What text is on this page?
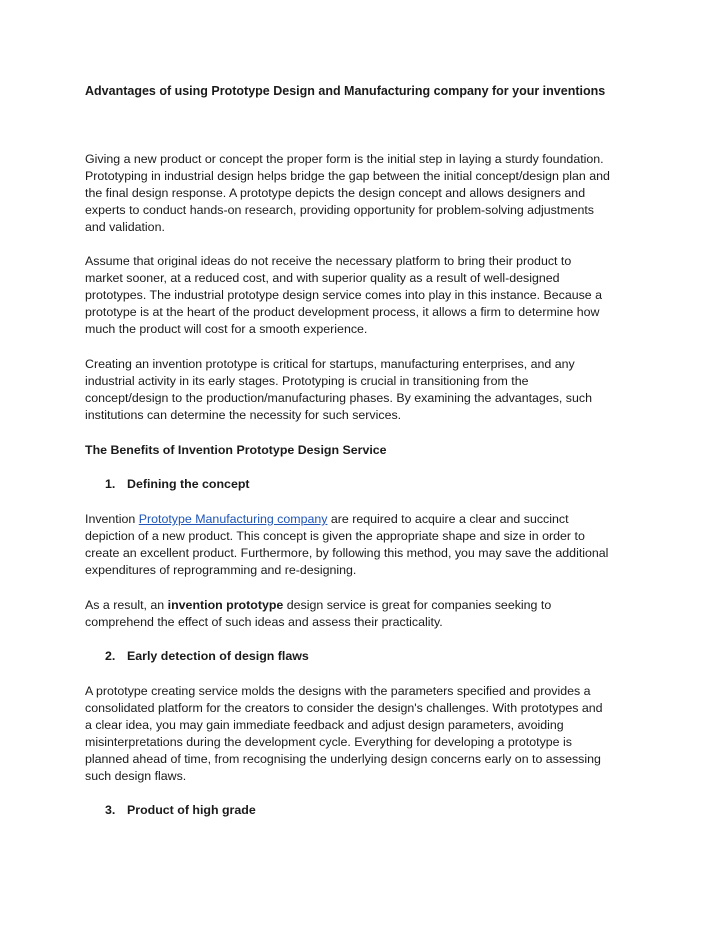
Advantages of using Prototype Design and Manufacturing company for your inventions

Giving a new product or concept the proper form is the initial step in laying a sturdy foundation.
Prototyping in industrial design helps bridge the gap between the initial concept/design plan and
the final design response. A prototype depicts the design concept and allows designers and
experts to conduct hands-on research, providing opportunity for problem-solving adjustments
and validation.

Assume that original ideas do not receive the necessary platform to bring their product to
market sooner, at a reduced cost, and with superior quality as a result of well-designed
prototypes. The industrial prototype design service comes into play in this instance. Because a
prototype is at the heart of the product development process, it allows a firm to determine how
much the product will cost for a smooth experience.

Creating an invention prototype is critical for startups, manufacturing enterprises, and any
industrial activity in its early stages. Prototyping is crucial in transitioning from the
concept/design to the production/manufacturing phases. By examining the advantages, such
institutions can determine the necessity for such services.

The Benefits of Invention Prototype Design Service
1. Defining the concept

Invention Prototype Manufacturing company are required to acquire a clear and succinct
depiction of a new product. This concept is given the appropriate shape and size in order to
create an excellent product. Furthermore, by following this method, you may save the additional
expenditures of reprogramming and re-designing.

As a result, an invention prototype design service is great for companies seeking to
comprehend the effect of such ideas and assess their practicality.

2. Early detection of design flaws

A prototype creating service molds the designs with the parameters specified and provides a
consolidated platform for the creators to consider the design's challenges. With prototypes and
a clear idea, you may gain immediate feedback and adjust design parameters, avoiding
misinterpretations during the development cycle. Everything for developing a prototype is
planned ahead of time, from recognising the underlying design concerns early on to assessing
such design flaws.

3. Product of high grade
